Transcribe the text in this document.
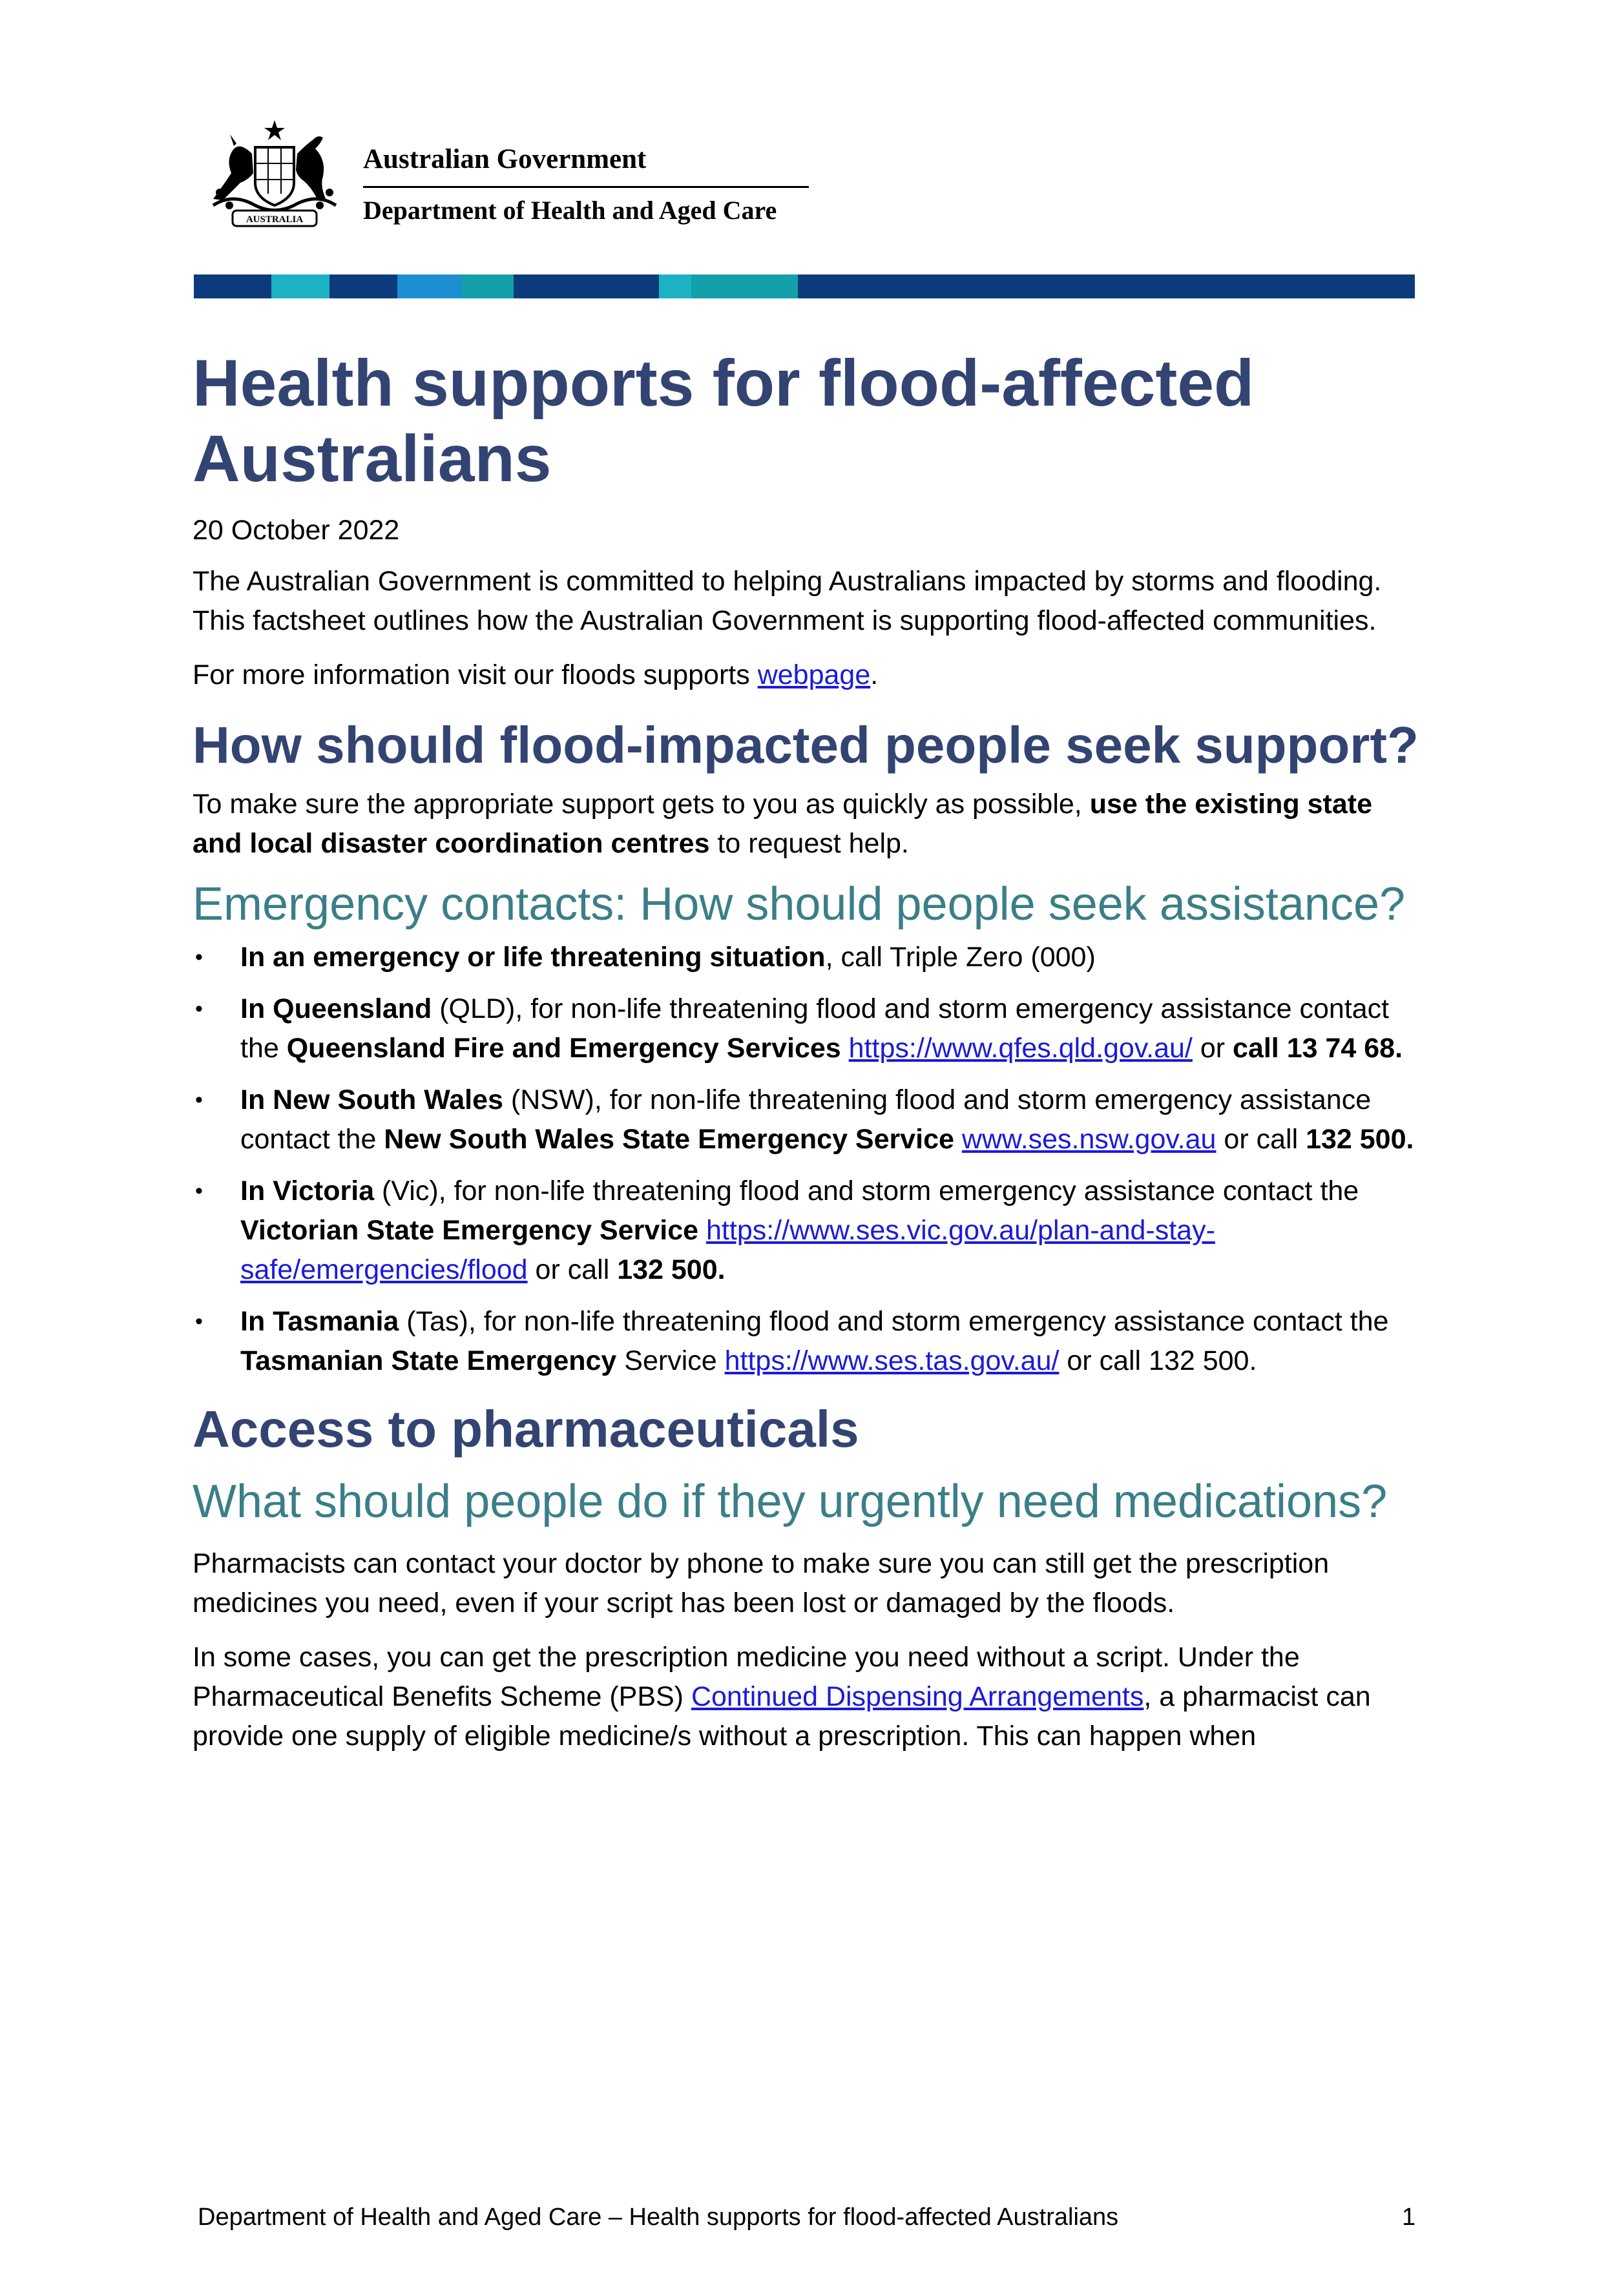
AUSTRALIA
Australian Government
Department of Health and Aged Care
Health supports for flood-affected Australians

20 October 2022

The Australian Government is committed to helping Australians impacted by storms and flooding. This factsheet outlines how the Australian Government is supporting flood-affected communities.

For more information visit our floods supports webpage.

How should flood-impacted people seek support?

To make sure the appropriate support gets to you as quickly as possible, use the existing state and local disaster coordination centres to request help.

Emergency contacts: How should people seek assistance?
• In an emergency or life threatening situation, call Triple Zero (000)
• In Queensland (QLD), for non-life threatening flood and storm emergency assistance contact the Queensland Fire and Emergency Services https://www.qfes.qld.gov.au/ or call 13 74 68.
• In New South Wales (NSW), for non-life threatening flood and storm emergency assistance contact the New South Wales State Emergency Service www.ses.nsw.gov.au or call 132 500.
• In Victoria (Vic), for non-life threatening flood and storm emergency assistance contact the Victorian State Emergency Service https://www.ses.vic.gov.au/plan-and-stay-safe/emergencies/flood or call 132 500.
• In Tasmania (Tas), for non-life threatening flood and storm emergency assistance contact the Tasmanian State Emergency Service https://www.ses.tas.gov.au/ or call 132 500.
Access to pharmaceuticals
What should people do if they urgently need medications?

Pharmacists can contact your doctor by phone to make sure you can still get the prescription medicines you need, even if your script has been lost or damaged by the floods.

In some cases, you can get the prescription medicine you need without a script. Under the Pharmaceutical Benefits Scheme (PBS) Continued Dispensing Arrangements, a pharmacist can provide one supply of eligible medicine/s without a prescription. This can happen when

Department of Health and Aged Care – Health supports for flood-affected Australians	1
